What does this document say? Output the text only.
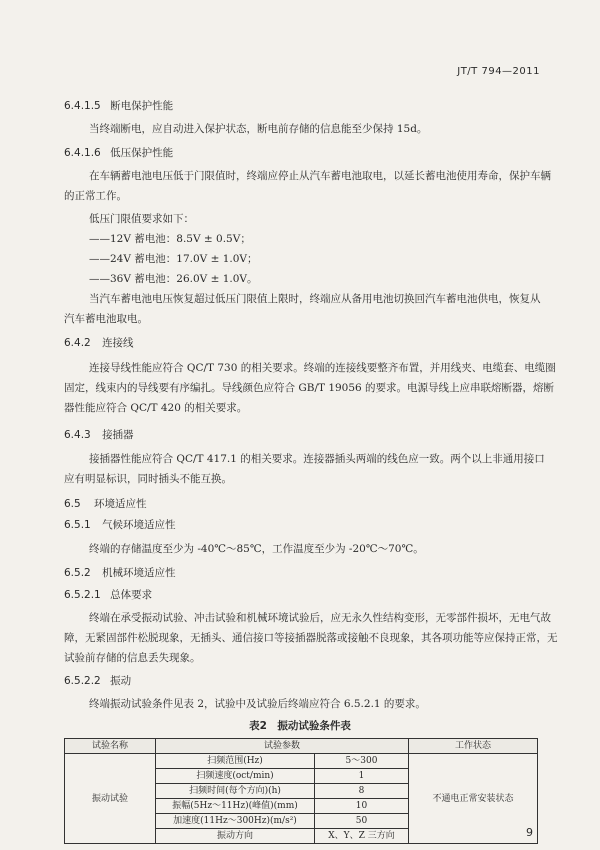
JT/T 794—2011
6.4.1.5 断电保护性能
当终端断电，应自动进入保护状态，断电前存储的信息能至少保持 15d。
6.4.1.6 低压保护性能
在车辆蓄电池电压低于门限值时，终端应停止从汽车蓄电池取电，以延长蓄电池使用寿命，保护车辆
的正常工作。
低压门限值要求如下：
——12V 蓄电池：8.5V ± 0.5V；
——24V 蓄电池：17.0V ± 1.0V；
——36V 蓄电池：26.0V ± 1.0V。
当汽车蓄电池电压恢复超过低压门限值上限时，终端应从备用电池切换回汽车蓄电池供电，恢复从
汽车蓄电池取电。
6.4.2 连接线
连接导线性能应符合 QC/T 730 的相关要求。终端的连接线要整齐布置，并用线夹、电缆套、电缆圈
固定，线束内的导线要有序编扎。导线颜色应符合 GB/T 19056 的要求。电源导线上应串联熔断器，熔断
器性能应符合 QC/T 420 的相关要求。
6.4.3 接插器
接插器性能应符合 QC/T 417.1 的相关要求。连接器插头两端的线色应一致。两个以上非通用接口
应有明显标识，同时插头不能互换。
6.5 环境适应性
6.5.1 气候环境适应性
终端的存储温度至少为 -40℃～85℃，工作温度至少为 -20℃～70℃。
6.5.2 机械环境适应性
6.5.2.1 总体要求
终端在承受振动试验、冲击试验和机械环境试验后，应无永久性结构变形，无零部件损坏，无电气故
障，无紧固部件松脱现象，无插头、通信接口等接插器脱落或接触不良现象，其各项功能等应保持正常，无
试验前存储的信息丢失现象。
6.5.2.2 振动
终端振动试验条件见表 2，试验中及试验后终端应符合 6.5.2.1 的要求。
表2　振动试验条件表
试验名称	试验参数		工作状态
振动试验	扫频范围(Hz)	5～300	不通电正常安装状态
	扫频速度(oct/min)	1	
	扫频时间(每个方向)(h)	8	
	振幅(5Hz～11Hz)(峰值)(mm)	10	
	加速度(11Hz～300Hz)(m/s²)	50	
	振动方向	X、Y、Z 三方向		9
